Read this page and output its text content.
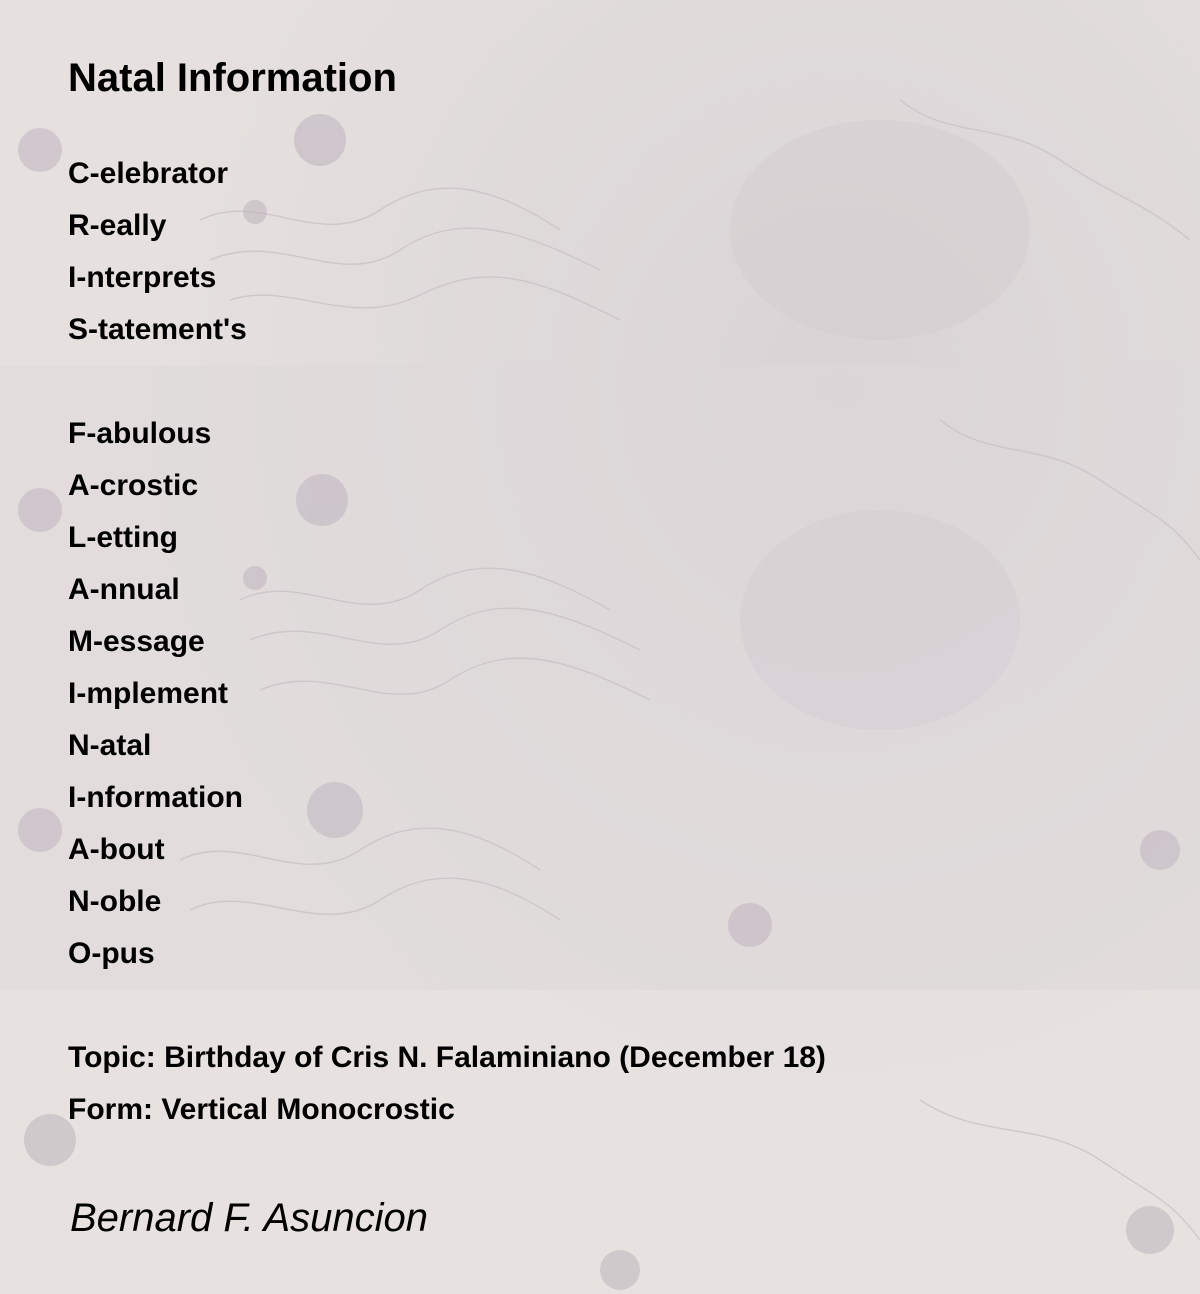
Natal Information
C-elebrator
R-eally
I-nterprets
S-tatement's
F-abulous
A-crostic
L-etting
A-nnual
M-essage
I-mplement
N-atal
I-nformation
A-bout
N-oble
O-pus
Topic: Birthday of Cris N. Falaminiano (December 18)
Form: Vertical Monocrostic
Bernard F. Asuncion
